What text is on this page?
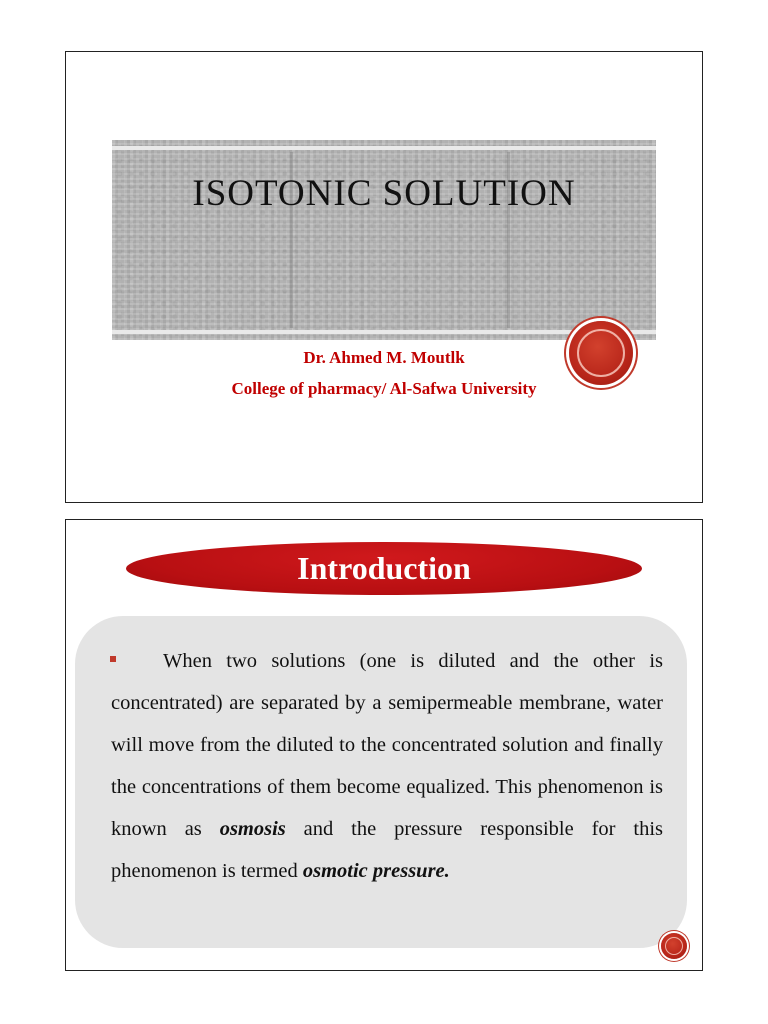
ISOTONIC SOLUTION
Dr. Ahmed M. Moutlk
College of pharmacy/ Al-Safwa University
Introduction

When two solutions (one is diluted and the other is concentrated) are separated by a semipermeable membrane, water will move from the diluted to the concentrated solution and finally the concentrations of them become equalized. This phenomenon is known as osmosis and the pressure responsible for this phenomenon is termed osmotic pressure.
